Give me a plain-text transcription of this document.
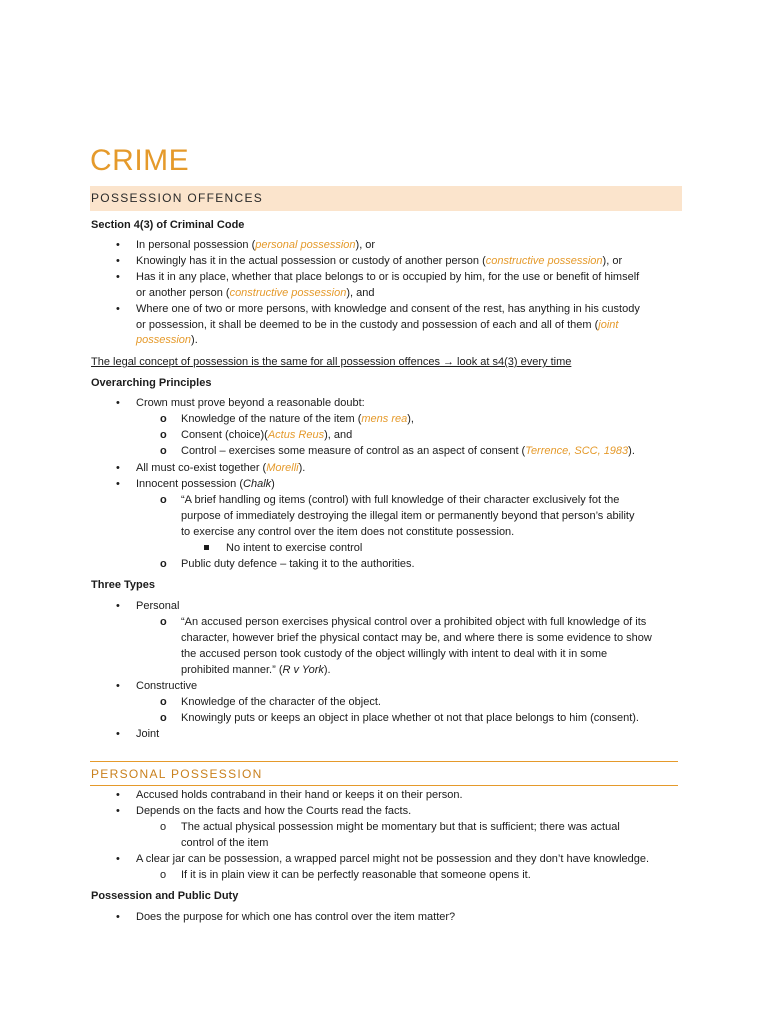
CRIME
POSSESSION OFFENCES
Section 4(3) of Criminal Code
• In personal possession (personal possession), or
• Knowingly has it in the actual possession or custody of another person (constructive possession), or
• Has it in any place, whether that place belongs to or is occupied by him, for the use or benefit of himself
or another person (constructive possession), and
• Where one of two or more persons, with knowledge and consent of the rest, has anything in his custody
or possession, it shall be deemed to be in the custody and possession of each and all of them (joint
possession).
The legal concept of possession is the same for all possession offences → look at s4(3) every time
Overarching Principles
• Crown must prove beyond a reasonable doubt:
o Knowledge of the nature of the item (mens rea),
o Consent (choice)(Actus Reus), and
o Control – exercises some measure of control as an aspect of consent (Terrence, SCC, 1983).
• All must co-exist together (Morelli).
• Innocent possession (Chalk)
o “A brief handling og items (control) with full knowledge of their character exclusively fot the
purpose of immediately destroying the illegal item or permanently beyond that person’s ability
to exercise any control over the item does not constitute possession.
No intent to exercise control
o Public duty defence – taking it to the authorities.
Three Types
• Personal
o “An accused person exercises physical control over a prohibited object with full knowledge of its
character, however brief the physical contact may be, and where there is some evidence to show
the accused person took custody of the object willingly with intent to deal with it in some
prohibited manner.” (R v York).
• Constructive
o Knowledge of the character of the object.
o Knowingly puts or keeps an object in place whether ot not that place belongs to him (consent).
• Joint
PERSONAL POSSESSION
• Accused holds contraband in their hand or keeps it on their person.
• Depends on the facts and how the Courts read the facts.
o The actual physical possession might be momentary but that is sufficient; there was actual
control of the item
• A clear jar can be possession, a wrapped parcel might not be possession and they don’t have knowledge.
o If it is in plain view it can be perfectly reasonable that someone opens it.
Possession and Public Duty
• Does the purpose for which one has control over the item matter?
